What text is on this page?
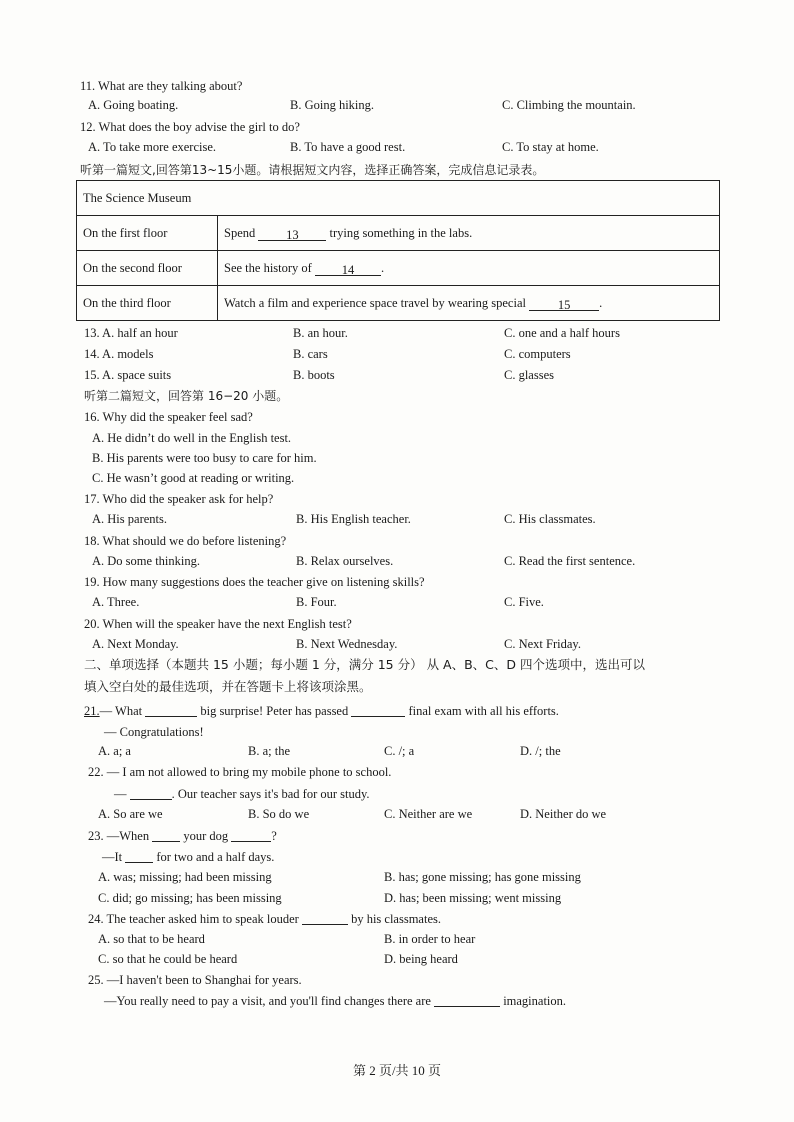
11. What are they talking about?
A. Going boating.	B. Going hiking.	C. Climbing the mountain.
12. What does the boy advise the girl to do?
A. To take more exercise.	B. To have a good rest.	C. To stay at home.
听第一篇短文,回答第13~15小题。请根据短文内容，选择正确答案，完成信息记录表。
The Science Museum	
On the first floor	Spend 13 trying something in the labs.
On the second floor	See the history of 14 .
On the third floor	Watch a film and experience space travel by wearing special 15 .
13. A. half an hour	B. an hour.	C. one and a half hours
14. A. models	B. cars	C. computers
15. A. space suits	B. boots	C. glasses
听第二篇短文，回答第 16−20 小题。
16. Why did the speaker feel sad?
A. He didn’t do well in the English test.
B. His parents were too busy to care for him.
C. He wasn’t good at reading or writing.
17. Who did the speaker ask for help?
A. His parents.	B. His English teacher.	C. His classmates.
18. What should we do before listening?
A. Do some thinking.	B. Relax ourselves.	C. Read the first sentence.
19. How many suggestions does the teacher give on listening skills?
A. Three.	B. Four.	C. Five.
20. When will the speaker have the next English test?
A. Next Monday.	B. Next Wednesday.	C. Next Friday.
二、单项选择（本题共 15 小题；每小题 1 分，满分 15 分） 从 A、B、C、D 四个选项中，选出可以
填入空白处的最佳选项，并在答题卡上将该项涂黑。
21.— What	big surprise! Peter has passed	final exam with all his efforts.
— Congratulations!
A. a; a	B. a; the	C. /; a	D. /; the
22. — I am not allowed to bring my mobile phone to school.
—	. Our teacher says it's bad for our study.
A. So are we	B. So do we	C. Neither are we	D. Neither do we
23. —When  your dog	?
—It  for two and a half days.
A. was; missing; had been missing	B. has; gone missing; has gone missing
C. did; go missing; has been missing	D. has; been missing; went missing
24. The teacher asked him to speak louder	by his classmates.
A. so that to be heard	B. in order to hear
C. so that he could be heard	D. being heard
25. —I haven't been to Shanghai for years.
—You really need to pay a visit, and you'll find changes there are	imagination.
第 2 页/共 10 页
